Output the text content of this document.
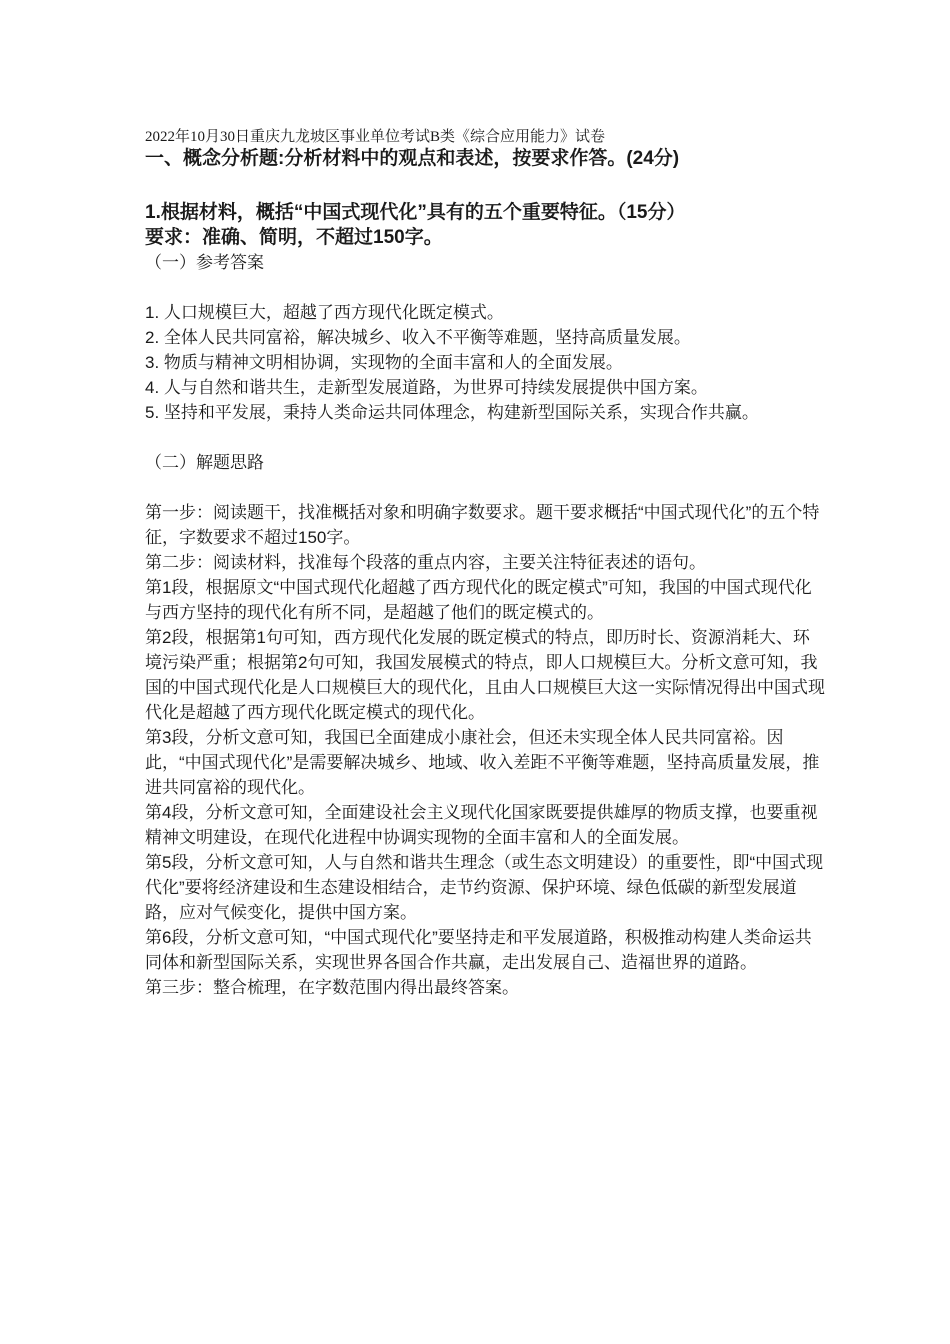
2022年10月30日重庆九龙坡区事业单位考试B类《综合应用能力》试卷

一、概念分析题:分析材料中的观点和表述，按要求作答。(24分)

1.根据材料，概括“中国式现代化”具有的五个重要特征。（15分）

要求：准确、简明，不超过150字。

（一）参考答案

1. 人口规模巨大，超越了西方现代化既定模式。
2. 全体人民共同富裕，解决城乡、收入不平衡等难题，坚持高质量发展。
3. 物质与精神文明相协调，实现物的全面丰富和人的全面发展。
4. 人与自然和谐共生，走新型发展道路，为世界可持续发展提供中国方案。
5. 坚持和平发展，秉持人类命运共同体理念，构建新型国际关系，实现合作共赢。

（二）解题思路

第一步：阅读题干，找准概括对象和明确字数要求。题干要求概括“中国式现代化”的五个特征，字数要求不超过150字。

第二步：阅读材料，找准每个段落的重点内容，主要关注特征表述的语句。

第1段，根据原文“中国式现代化超越了西方现代化的既定模式”可知，我国的中国式现代化与西方坚持的现代化有所不同，是超越了他们的既定模式的。

第2段，根据第1句可知，西方现代化发展的既定模式的特点，即历时长、资源消耗大、环境污染严重；根据第2句可知，我国发展模式的特点，即人口规模巨大。分析文意可知，我国的中国式现代化是人口规模巨大的现代化，且由人口规模巨大这一实际情况得出中国式现代化是超越了西方现代化既定模式的现代化。

第3段，分析文意可知，我国已全面建成小康社会，但还未实现全体人民共同富裕。因此，“中国式现代化”是需要解决城乡、地域、收入差距不平衡等难题，坚持高质量发展，推进共同富裕的现代化。

第4段，分析文意可知，全面建设社会主义现代化国家既要提供雄厚的物质支撑，也要重视精神文明建设，在现代化进程中协调实现物的全面丰富和人的全面发展。

第5段，分析文意可知，人与自然和谐共生理念（或生态文明建设）的重要性，即“中国式现代化”要将经济建设和生态建设相结合，走节约资源、保护环境、绿色低碳的新型发展道路，应对气候变化，提供中国方案。

第6段，分析文意可知，“中国式现代化”要坚持走和平发展道路，积极推动构建人类命运共同体和新型国际关系，实现世界各国合作共赢，走出发展自己、造福世界的道路。

第三步：整合梳理，在字数范围内得出最终答案。
